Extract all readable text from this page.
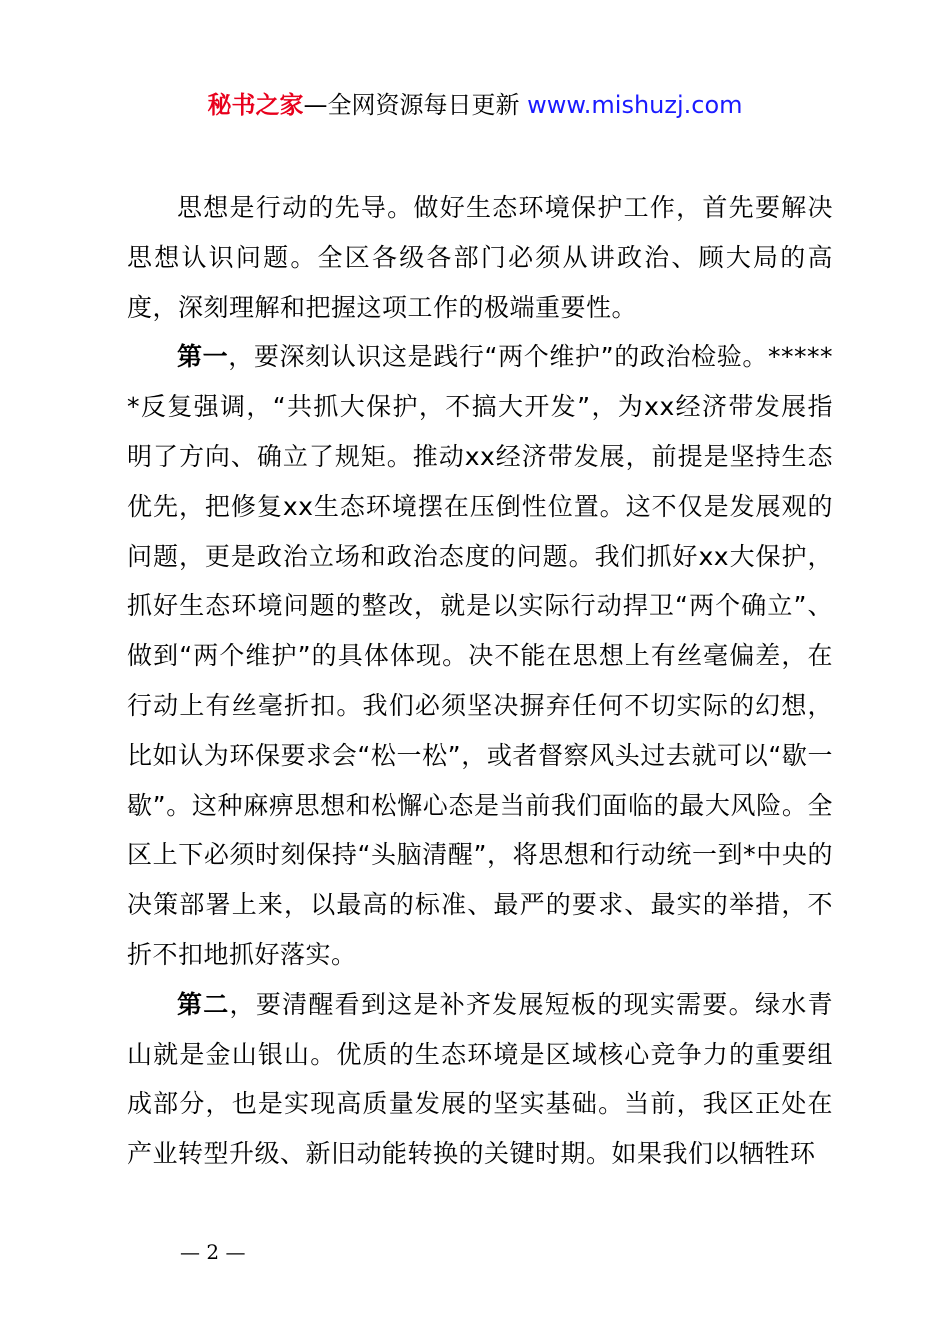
秘书之家—全网资源每日更新 www.mishuzj.com

思想是行动的先导。做好生态环境保护工作，首先要解决思想认识问题。全区各级各部门必须从讲政治、顾大局的高度，深刻理解和把握这项工作的极端重要性。

第一，要深刻认识这是践行“两个维护”的政治检验。******反复强调，“共抓大保护，不搞大开发”，为xx经济带发展指明了方向、确立了规矩。推动xx经济带发展，前提是坚持生态优先，把修复xx生态环境摆在压倒性位置。这不仅是发展观的问题，更是政治立场和政治态度的问题。我们抓好xx大保护，抓好生态环境问题的整改，就是以实际行动捍卫“两个确立”、做到“两个维护”的具体体现。决不能在思想上有丝毫偏差，在行动上有丝毫折扣。我们必须坚决摒弃任何不切实际的幻想，比如认为环保要求会“松一松”，或者督察风头过去就可以“歇一歇”。这种麻痹思想和松懈心态是当前我们面临的最大风险。全区上下必须时刻保持“头脑清醒”，将思想和行动统一到*中央的决策部署上来，以最高的标准、最严的要求、最实的举措，不折不扣地抓好落实。

第二，要清醒看到这是补齐发展短板的现实需要。绿水青山就是金山银山。优质的生态环境是区域核心竞争力的重要组成部分，也是实现高质量发展的坚实基础。当前，我区正处在产业转型升级、新旧动能转换的关键时期。如果我们以牺牲环

— 2 —
